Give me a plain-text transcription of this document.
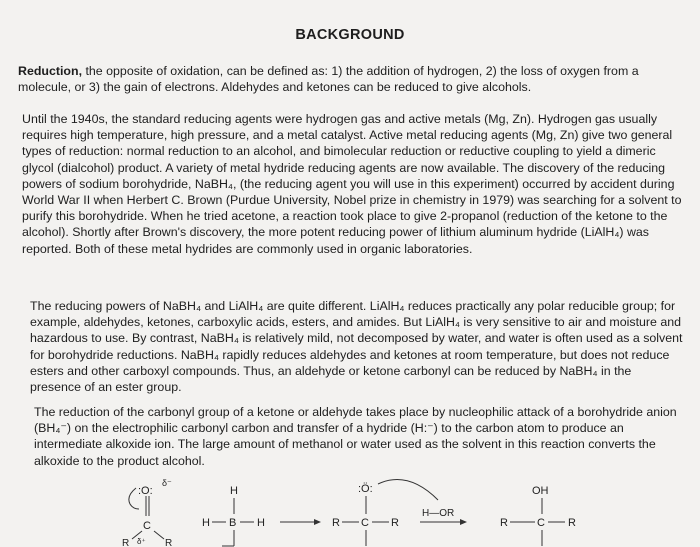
BACKGROUND

Reduction, the opposite of oxidation, can be defined as: 1) the addition of hydrogen, 2) the loss of oxygen from a molecule, or 3) the gain of electrons. Aldehydes and ketones can be reduced to give alcohols.

Until the 1940s, the standard reducing agents were hydrogen gas and active metals (Mg, Zn). Hydrogen gas usually requires high temperature, high pressure, and a metal catalyst. Active metal reducing agents (Mg, Zn) give two general types of reduction: normal reduction to an alcohol, and bimolecular reduction or reductive coupling to yield a dimeric glycol (dialcohol) product. A variety of metal hydride reducing agents are now available. The discovery of the reducing powers of sodium borohydride, NaBH₄, (the reducing agent you will use in this experiment) occurred by accident during World War II when Herbert C. Brown (Purdue University, Nobel prize in chemistry in 1979) was searching for a solvent to purify this borohydride. When he tried acetone, a reaction took place to give 2-propanol (reduction of the ketone to the alcohol). Shortly after Brown's discovery, the more potent reducing power of lithium aluminum hydride (LiAlH₄) was reported. Both of these metal hydrides are commonly used in organic laboratories.

The reducing powers of NaBH₄ and LiAlH₄ are quite different. LiAlH₄ reduces practically any polar reducible group; for example, aldehydes, ketones, carboxylic acids, esters, and amides. But LiAlH₄ is very sensitive to air and moisture and hazardous to use. By contrast, NaBH₄ is relatively mild, not decomposed by water, and water is often used as a solvent for borohydride reductions. NaBH₄ rapidly reduces aldehydes and ketones at room temperature, but does not reduce esters and other carboxyl compounds. Thus, an aldehyde or ketone carbonyl can be reduced by NaBH₄ in the presence of an ester group.

The reduction of the carbonyl group of a ketone or aldehyde takes place by nucleophilic attack of a borohydride anion (BH₄⁻) on the electrophilic carbonyl carbon and transfer of a hydride (H:⁻) to the carbon atom to produce an intermediate alkoxide ion. The large amount of methanol or water used as the solvent in this reaction converts the alkoxide to the product alcohol.

:O:
δ⁻
C
R δ⁺ R
H
H B H
:Ö:
R C R
H—OR
OH
R	C R
